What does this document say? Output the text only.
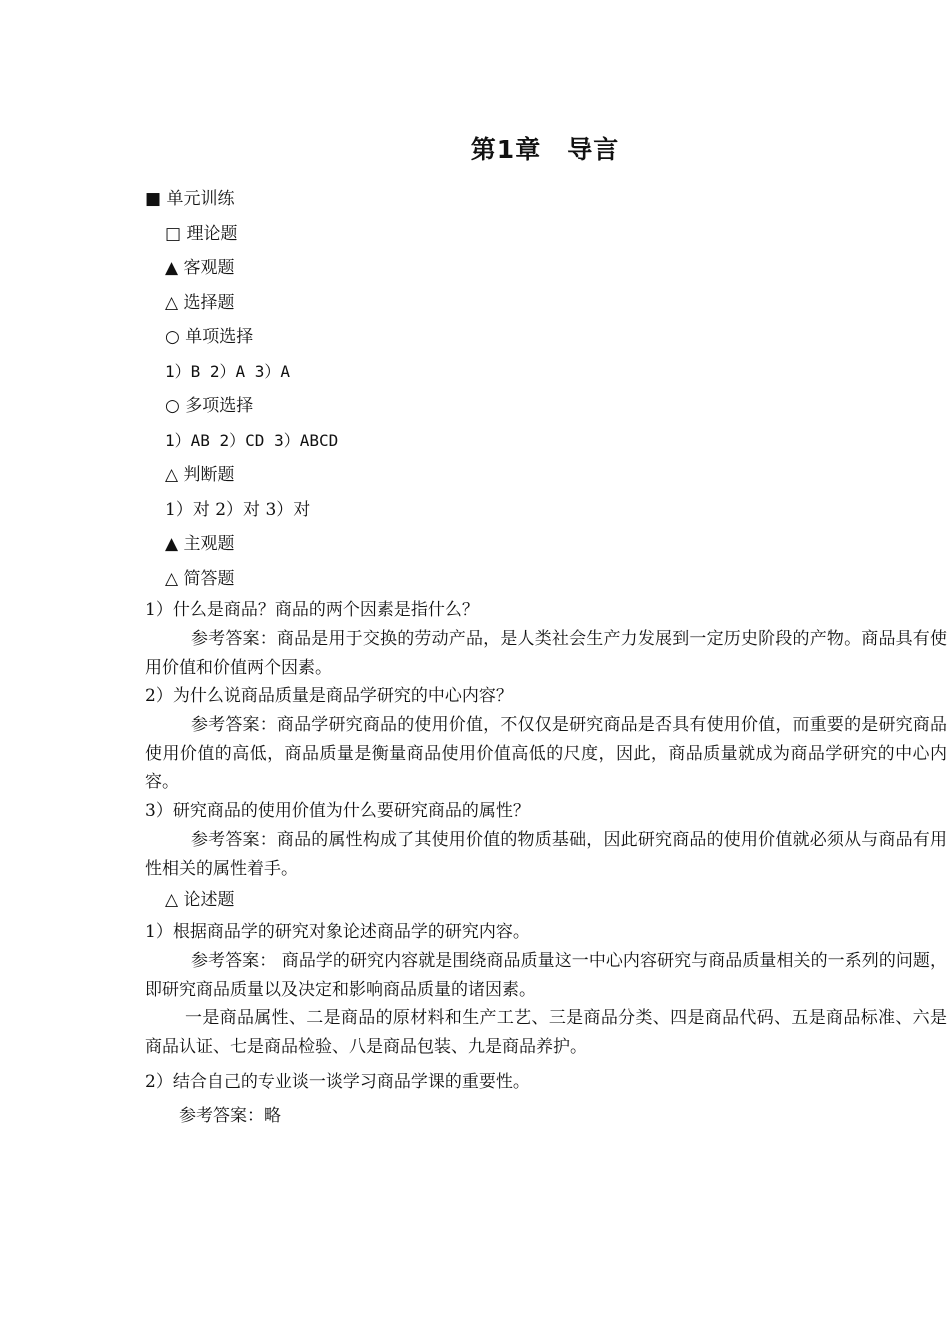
第1章　导言
■ 单元训练
□ 理论题
▲ 客观题
△ 选择题
○ 单项选择
1）B 2）A 3）A
○ 多项选择
1）AB 2）CD 3）ABCD
△ 判断题
1）对 2）对 3）对
▲ 主观题
△ 简答题
1）什么是商品？商品的两个因素是指什么？
参考答案：商品是用于交换的劳动产品，是人类社会生产力发展到一定历史阶段的产物。商品具有使用价值和价值两个因素。
2）为什么说商品质量是商品学研究的中心内容？
参考答案：商品学研究商品的使用价值，不仅仅是研究商品是否具有使用价值，而重要的是研究商品使用价值的高低，商品质量是衡量商品使用价值高低的尺度，因此，商品质量就成为商品学研究的中心内容。
3）研究商品的使用价值为什么要研究商品的属性？
参考答案：商品的属性构成了其使用价值的物质基础，因此研究商品的使用价值就必须从与商品有用性相关的属性着手。
△ 论述题
1）根据商品学的研究对象论述商品学的研究内容。
参考答案： 商品学的研究内容就是围绕商品质量这一中心内容研究与商品质量相关的一系列的问题，即研究商品质量以及决定和影响商品质量的诸因素。
一是商品属性、二是商品的原材料和生产工艺、三是商品分类、四是商品代码、五是商品标准、六是商品认证、七是商品检验、八是商品包装、九是商品养护。
2）结合自己的专业谈一谈学习商品学课的重要性。
参考答案：略
